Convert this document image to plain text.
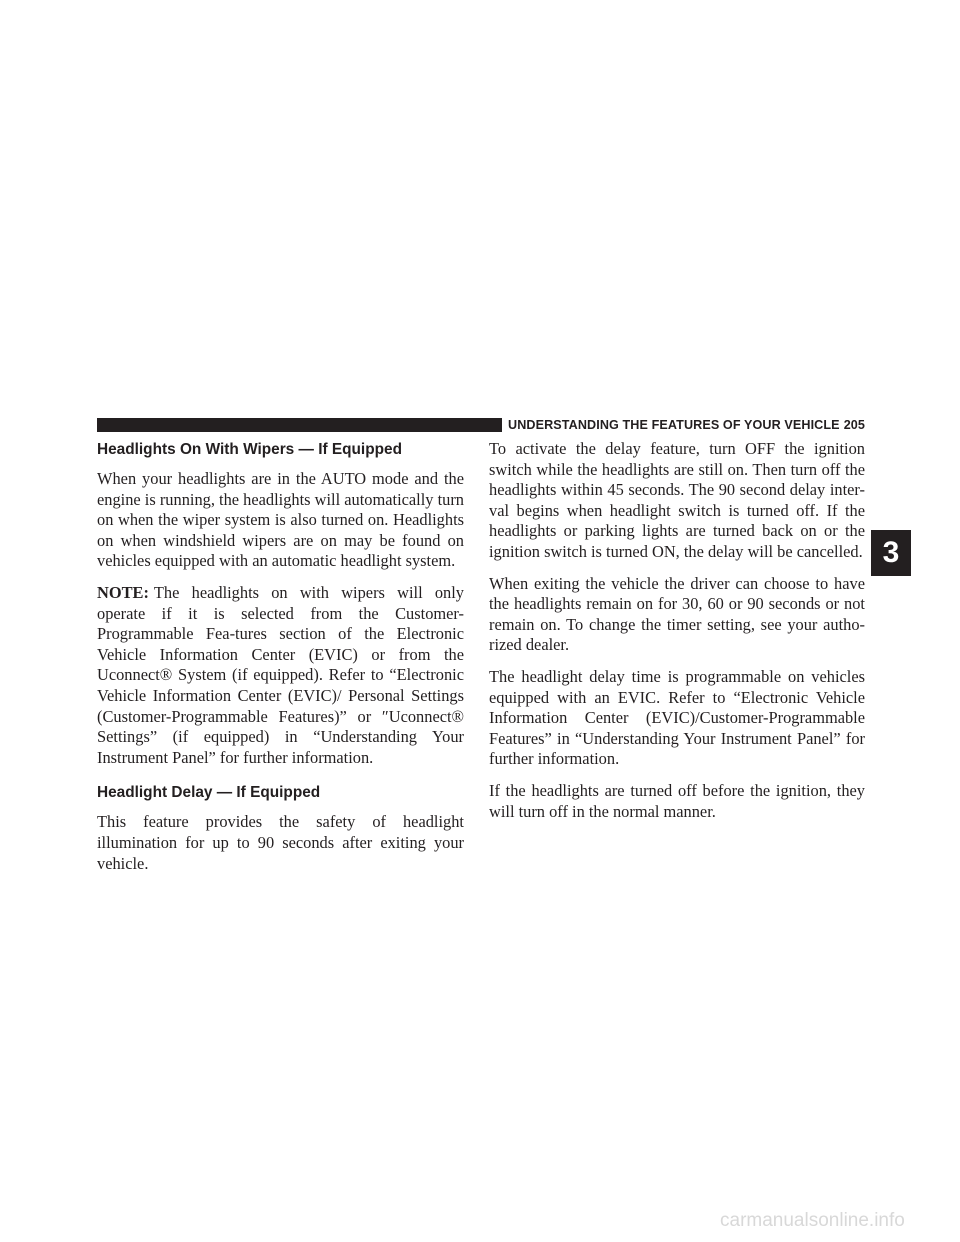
UNDERSTANDING THE FEATURES OF YOUR VEHICLE 205
Headlights On With Wipers — If Equipped

When your headlights are in the AUTO mode and the engine is running, the headlights will automatically turn on when the wiper system is also turned on. Headlights on when windshield wipers are on may be found on vehicles equipped with an automatic headlight system.

NOTE: The headlights on with wipers will only operate if it is selected from the Customer-Programmable Fea-tures section of the Electronic Vehicle Information Center (EVIC) or from the Uconnect® System (if equipped). Refer to “Electronic Vehicle Information Center (EVIC)/ Personal Settings (Customer-Programmable Features)” or ″Uconnect® Settings” (if equipped) in “Understanding Your Instrument Panel” for further information.

Headlight Delay — If Equipped

This feature provides the safety of headlight illumination for up to 90 seconds after exiting your vehicle.

To activate the delay feature, turn OFF the ignition switch while the headlights are still on. Then turn off the headlights within 45 seconds. The 90 second delay inter-val begins when headlight switch is turned off. If the headlights or parking lights are turned back on or the ignition switch is turned ON, the delay will be cancelled.

When exiting the vehicle the driver can choose to have the headlights remain on for 30, 60 or 90 seconds or not remain on. To change the timer setting, see your autho-rized dealer.

The headlight delay time is programmable on vehicles equipped with an EVIC. Refer to “Electronic Vehicle Information Center (EVIC)/Customer-Programmable Features” in “Understanding Your Instrument Panel” for further information.

If the headlights are turned off before the ignition, they will turn off in the normal manner.

3
carmanualsonline.info
